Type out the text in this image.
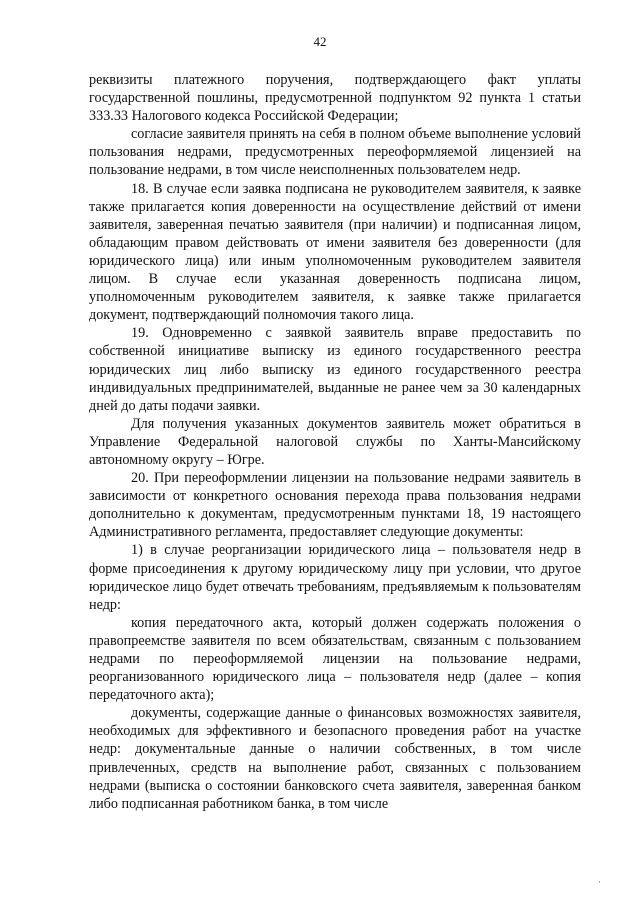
42

реквизиты платежного поручения, подтверждающего факт уплаты государственной пошлины, предусмотренной подпунктом 92 пункта 1 статьи 333.33 Налогового кодекса Российской Федерации;

согласие заявителя принять на себя в полном объеме выполнение условий пользования недрами, предусмотренных переоформляемой лицензией на пользование недрами, в том числе неисполненных пользователем недр.

18. В случае если заявка подписана не руководителем заявителя, к заявке также прилагается копия доверенности на осуществление действий от имени заявителя, заверенная печатью заявителя (при наличии) и подписанная лицом, обладающим правом действовать от имени заявителя без доверенности (для юридического лица) или иным уполномоченным руководителем заявителя лицом. В случае если указанная доверенность подписана лицом, уполномоченным руководителем заявителя, к заявке также прилагается документ, подтверждающий полномочия такого лица.

19. Одновременно с заявкой заявитель вправе предоставить по собственной инициативе выписку из единого государственного реестра юридических лиц либо выписку из единого государственного реестра индивидуальных предпринимателей, выданные не ранее чем за 30 календарных дней до даты подачи заявки.

Для получения указанных документов заявитель может обратиться в Управление Федеральной налоговой службы по Ханты-Мансийскому автономному округу – Югре.

20. При переоформлении лицензии на пользование недрами заявитель в зависимости от конкретного основания перехода права пользования недрами дополнительно к документам, предусмотренным пунктами 18, 19 настоящего Административного регламента, предоставляет следующие документы:

1) в случае реорганизации юридического лица – пользователя недр в форме присоединения к другому юридическому лицу при условии, что другое юридическое лицо будет отвечать требованиям, предъявляемым к пользователям недр:

копия передаточного акта, который должен содержать положения о правопреемстве заявителя по всем обязательствам, связанным с пользованием недрами по переоформляемой лицензии на пользование недрами, реорганизованного юридического лица – пользователя недр (далее – копия передаточного акта);

документы, содержащие данные о финансовых возможностях заявителя, необходимых для эффективного и безопасного проведения работ на участке недр: документальные данные о наличии собственных, в том числе привлеченных, средств на выполнение работ, связанных с пользованием недрами (выписка о состоянии банковского счета заявителя, заверенная банком либо подписанная работником банка, в том числе

·
